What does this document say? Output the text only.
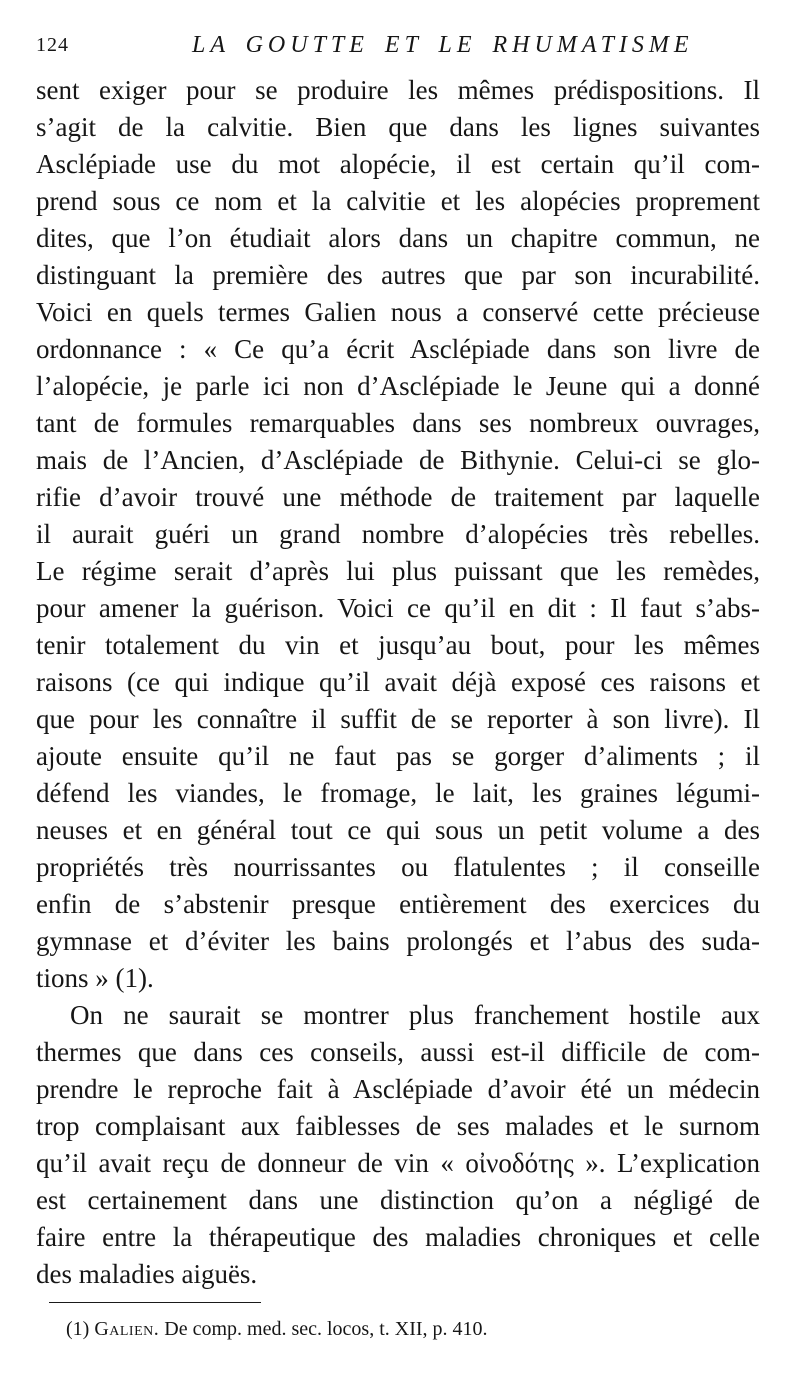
124	LA GOUTTE ET LE RHUMATISME
sent exiger pour se produire les mêmes prédispositions. Il
s’agit de la calvitie. Bien que dans les lignes suivantes
Asclépiade use du mot alopécie, il est certain qu’il com-
prend sous ce nom et la calvitie et les alopécies proprement
dites, que l’on étudiait alors dans un chapitre commun, ne
distinguant la première des autres que par son incurabilité.
Voici en quels termes Galien nous a conservé cette précieuse
ordonnance : « Ce qu’a écrit Asclépiade dans son livre de
l’alopécie, je parle ici non d’Asclépiade le Jeune qui a donné
tant de formules remarquables dans ses nombreux ouvrages,
mais de l’Ancien, d’Asclépiade de Bithynie. Celui-ci se glo-
rifie d’avoir trouvé une méthode de traitement par laquelle
il aurait guéri un grand nombre d’alopécies très rebelles.
Le régime serait d’après lui plus puissant que les remèdes,
pour amener la guérison. Voici ce qu’il en dit : Il faut s’abs-
tenir totalement du vin et jusqu’au bout, pour les mêmes
raisons (ce qui indique qu’il avait déjà exposé ces raisons et
que pour les connaître il suffit de se reporter à son livre). Il
ajoute ensuite qu’il ne faut pas se gorger d’aliments ; il
défend les viandes, le fromage, le lait, les graines légumi-
neuses et en général tout ce qui sous un petit volume a des
propriétés très nourrissantes ou flatulentes ; il conseille
enfin de s’abstenir presque entièrement des exercices du
gymnase et d’éviter les bains prolongés et l’abus des suda-
tions » (1).
On ne saurait se montrer plus franchement hostile aux
thermes que dans ces conseils, aussi est-il difficile de com-
prendre le reproche fait à Asclépiade d’avoir été un médecin
trop complaisant aux faiblesses de ses malades et le surnom
qu’il avait reçu de donneur de vin « οἰνοδότης ». L’explication
est certainement dans une distinction qu’on a négligé de
faire entre la thérapeutique des maladies chroniques et celle
des maladies aiguës.
(1) Galien. De comp. med. sec. locos, t. XII, p. 410.
